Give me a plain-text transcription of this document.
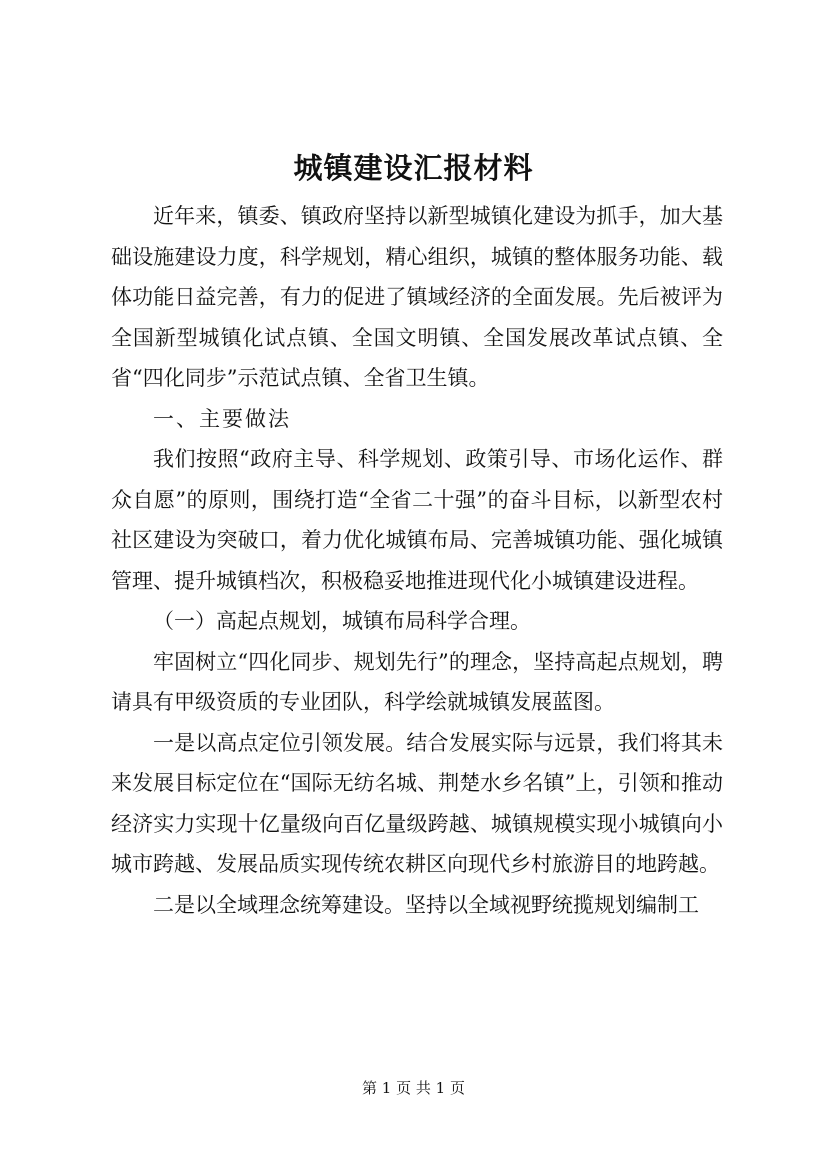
城镇建设汇报材料

近年来，镇委、镇政府坚持以新型城镇化建设为抓手，加大基础设施建设力度，科学规划，精心组织，城镇的整体服务功能、载体功能日益完善，有力的促进了镇域经济的全面发展。先后被评为全国新型城镇化试点镇、全国文明镇、全国发展改革试点镇、全省“四化同步”示范试点镇、全省卫生镇。

一、主要做法

我们按照“政府主导、科学规划、政策引导、市场化运作、群众自愿”的原则，围绕打造“全省二十强”的奋斗目标，以新型农村社区建设为突破口，着力优化城镇布局、完善城镇功能、强化城镇管理、提升城镇档次，积极稳妥地推进现代化小城镇建设进程。

（一）高起点规划，城镇布局科学合理。

牢固树立“四化同步、规划先行”的理念，坚持高起点规划，聘请具有甲级资质的专业团队，科学绘就城镇发展蓝图。

一是以高点定位引领发展。结合发展实际与远景，我们将其未来发展目标定位在“国际无纺名城、荆楚水乡名镇”上，引领和推动经济实力实现十亿量级向百亿量级跨越、城镇规模实现小城镇向小城市跨越、发展品质实现传统农耕区向现代乡村旅游目的地跨越。

二是以全域理念统筹建设。坚持以全域视野统揽规划编制工

第 1 页 共 1 页
